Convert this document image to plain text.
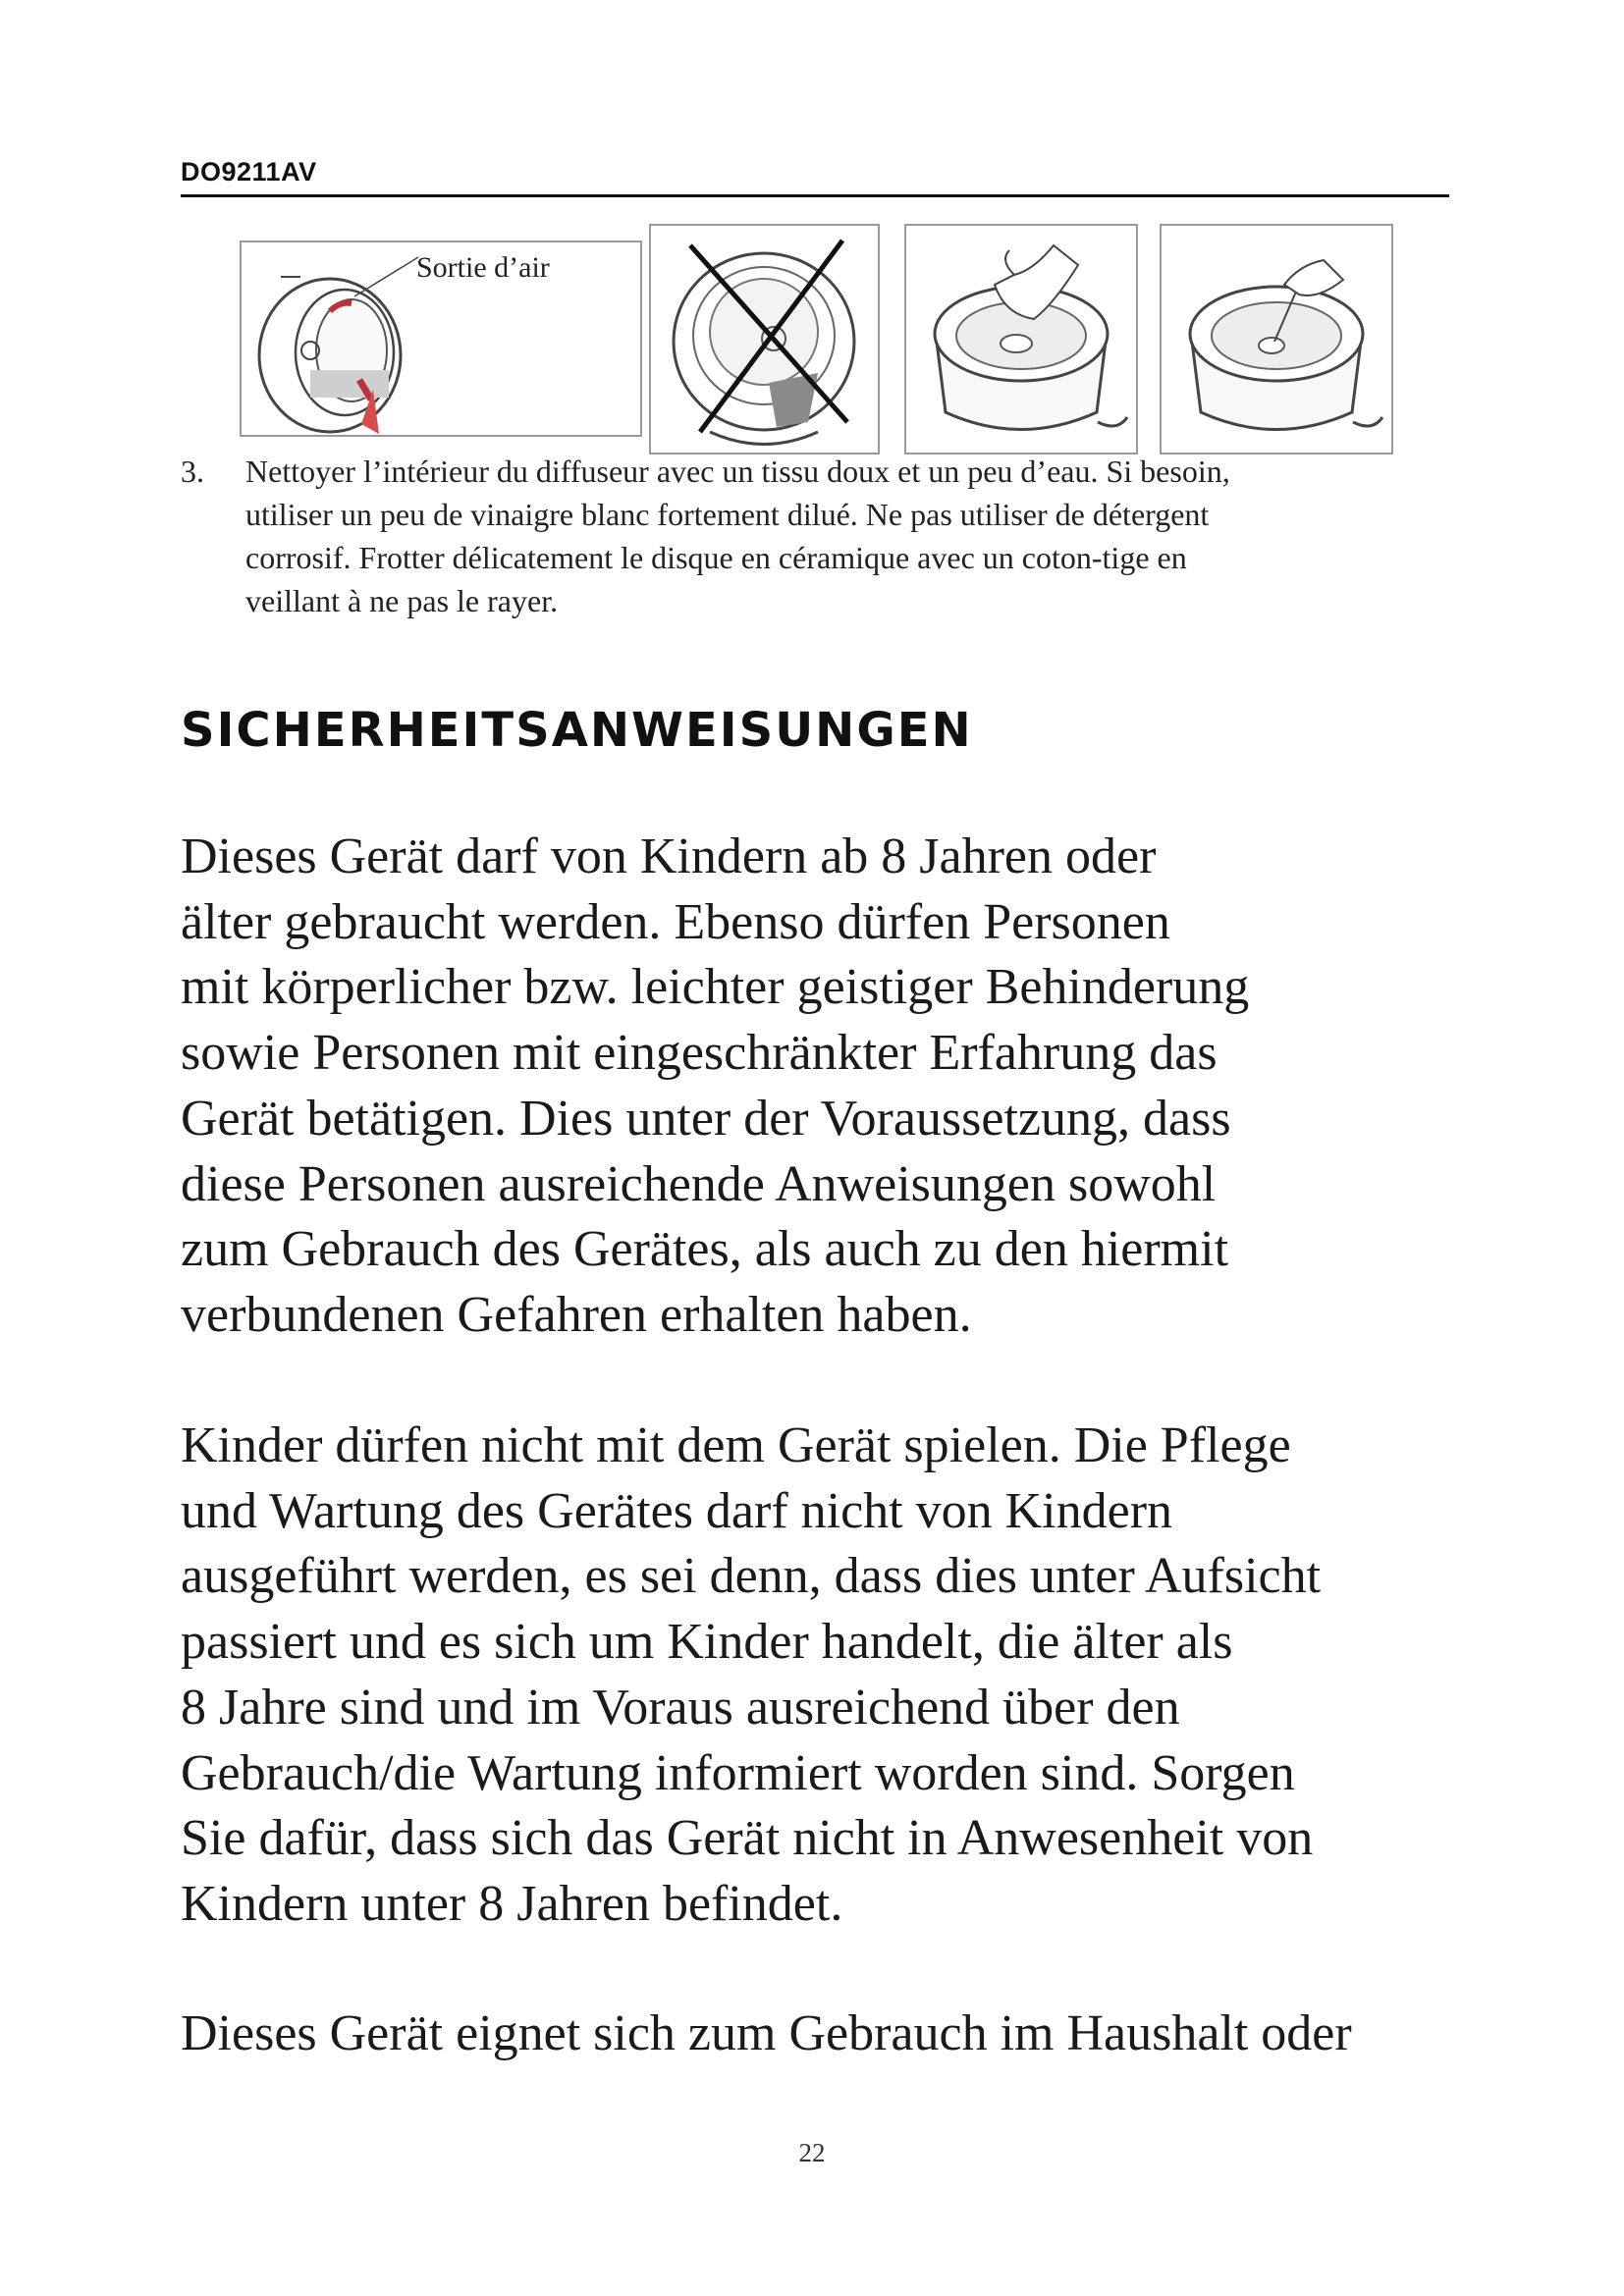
DO9211AV
Sortie d’air
3. Nettoyer l’intérieur du diffuseur avec un tissu doux et un peu d’eau. Si besoin,
utiliser un peu de vinaigre blanc fortement dilué. Ne pas utiliser de détergent
corrosif. Frotter délicatement le disque en céramique avec un coton-tige en
veillant à ne pas le rayer.
SICHERHEITSANWEISUNGEN
Dieses Gerät darf von Kindern ab 8 Jahren oder
älter gebraucht werden. Ebenso dürfen Personen
mit körperlicher bzw. leichter geistiger Behinderung
sowie Personen mit eingeschränkter Erfahrung das
Gerät betätigen. Dies unter der Voraussetzung, dass
diese Personen ausreichende Anweisungen sowohl
zum Gebrauch des Gerätes, als auch zu den hiermit
verbundenen Gefahren erhalten haben.
Kinder dürfen nicht mit dem Gerät spielen. Die Pflege
und Wartung des Gerätes darf nicht von Kindern
ausgeführt werden, es sei denn, dass dies unter Aufsicht
passiert und es sich um Kinder handelt, die älter als
8 Jahre sind und im Voraus ausreichend über den
Gebrauch/die Wartung informiert worden sind. Sorgen
Sie dafür, dass sich das Gerät nicht in Anwesenheit von
Kindern unter 8 Jahren befindet.
Dieses Gerät eignet sich zum Gebrauch im Haushalt oder
22
